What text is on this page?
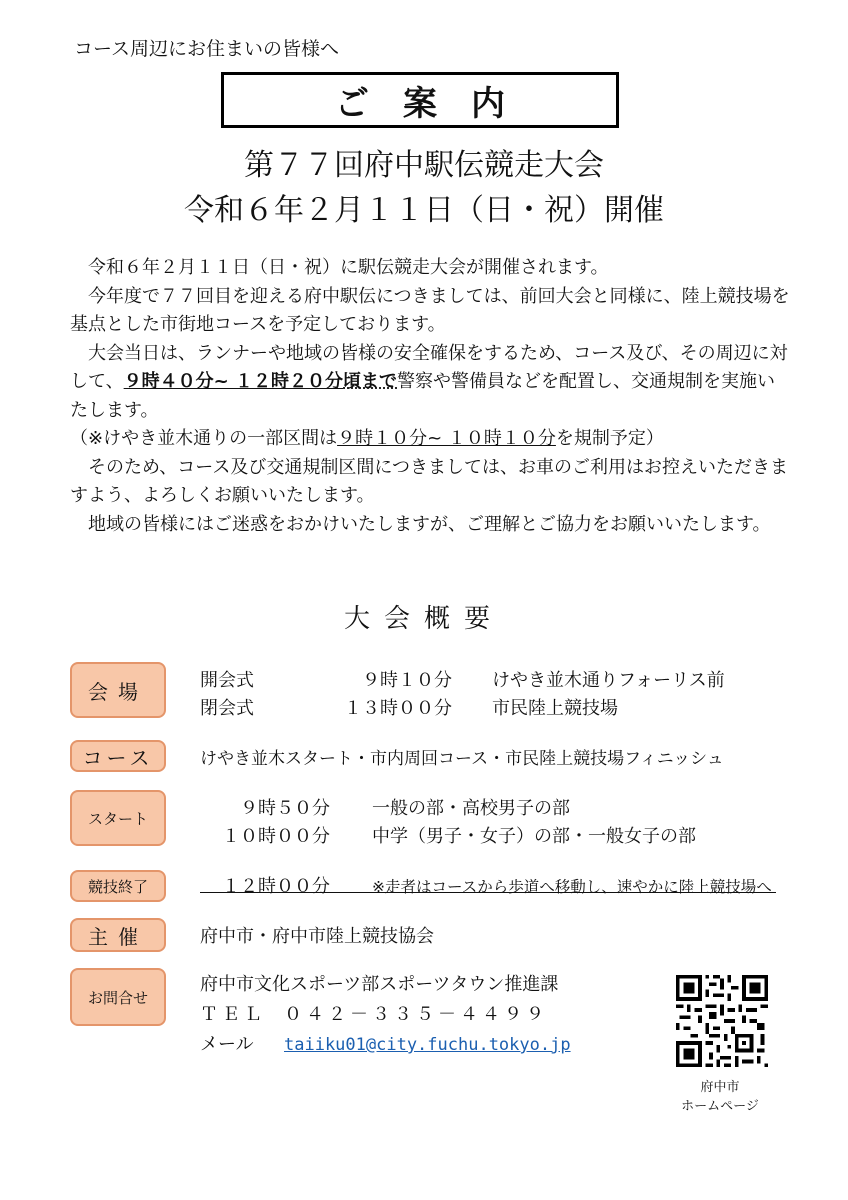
コース周辺にお住まいの皆様へ
ご案内
第７７回府中駅伝競走大会
令和６年２月１１日（日・祝）開催

令和６年２月１１日（日・祝）に駅伝競走大会が開催されます。

今年度で７７回目を迎える府中駅伝につきましては、前回大会と同様に、陸上競技場を基点とした市街地コースを予定しております。

大会当日は、ランナーや地域の皆様の安全確保をするため、コース及び、その周辺に対して、９時４０分~ １２時２０分頃まで警察や警備員などを配置し、交通規制を実施いたします。

（※けやき並木通りの一部区間は９時１０分~ １０時１０分を規制予定）

そのため、コース及び交通規制区間につきましては、お車のご利用はお控えいただきますよう、よろしくお願いいたします。

地域の皆様にはご迷惑をおかけいたしますが、ご理解とご協力をお願いいたします。

大会概要
会場	開会式	９時１０分 けやき並木通りフォーリス前
閉会式	１３時００分 市民陸上競技場
コース	けやき並木スタート・市内周回コース・市民陸上競技場フィニッシュ
スタート	９時５０分 一般の部・高校男子の部
１０時００分 中学（男子・女子）の部・一般女子の部
競技終了	１２時００分	※走者はコースから歩道へ移動し、速やかに陸上競技場へ
主催	府中市・府中市陸上競技協会
お問合せ
府中市文化スポーツ部スポーツタウン推進課
ＴＥＬ ０４２－３３５－４４９９
メール taiiku01@city.fuchu.tokyo.jp
府中市
ホームページ
